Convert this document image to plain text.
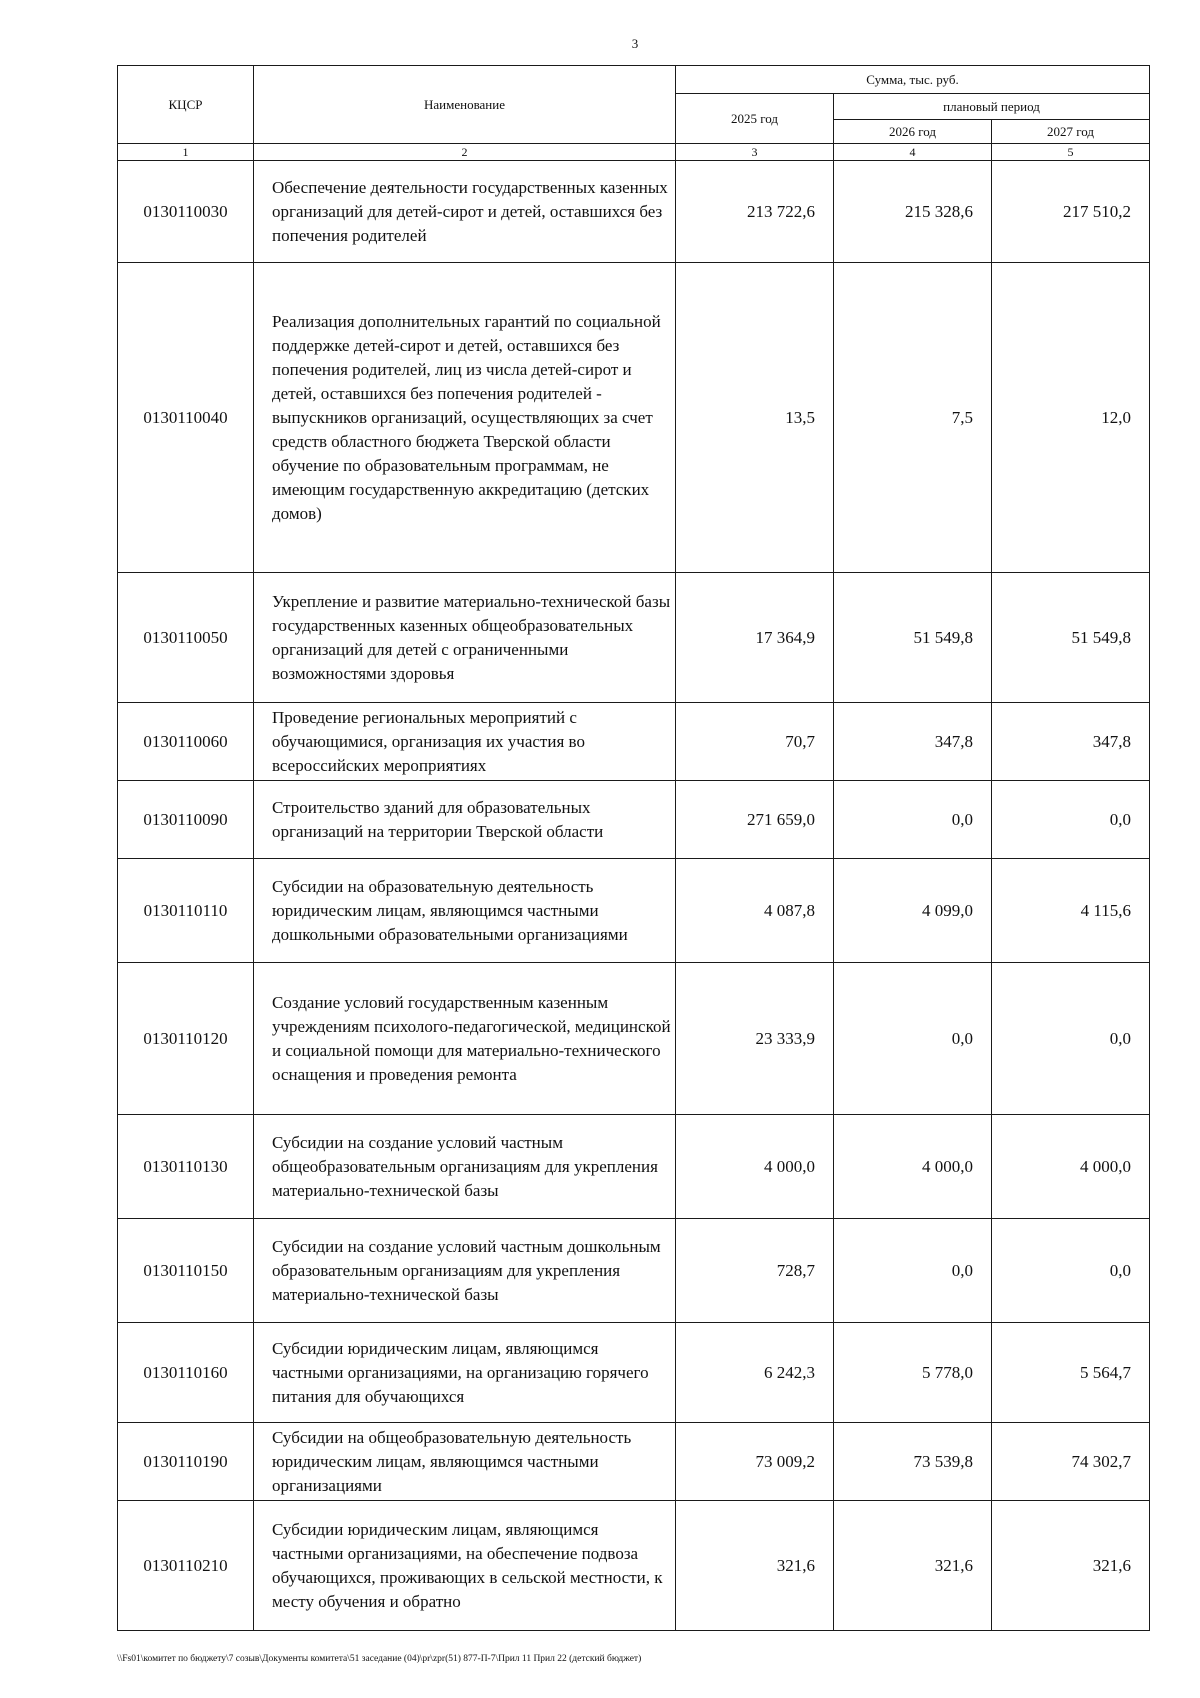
3
КЦСР	Наименование	Сумма, тыс. руб.		
		2025 год	плановый период	
			2026 год	2027 год
1	2	3	4	5
0130110030	Обеспечение деятельности государственных казенных организаций для детей-сирот и детей, оставшихся без попечения родителей	213 722,6	215 328,6	217 510,2
0130110040	Реализация дополнительных гарантий по социальной поддержке детей-сирот и детей, оставшихся без попечения родителей, лиц из числа детей-сирот и детей, оставшихся без попечения родителей - выпускников организаций, осуществляющих за счет средств областного бюджета Тверской области обучение по образовательным программам, не имеющим государственную аккредитацию (детских домов)	13,5	7,5	12,0
0130110050	Укрепление и развитие материально-технической базы государственных казенных общеобразовательных организаций для детей с ограниченными возможностями здоровья	17 364,9	51 549,8	51 549,8
0130110060	Проведение региональных мероприятий с обучающимися, организация их участия во всероссийских мероприятиях	70,7	347,8	347,8
0130110090	Строительство зданий для образовательных организаций на территории Тверской области	271 659,0	0,0	0,0
0130110110	Субсидии на образовательную деятельность юридическим лицам, являющимся частными дошкольными образовательными организациями	4 087,8	4 099,0	4 115,6
0130110120	Создание условий государственным казенным учреждениям психолого-педагогической, медицинской и социальной помощи для материально-технического оснащения и проведения ремонта	23 333,9	0,0	0,0
0130110130	Субсидии на создание условий частным общеобразовательным организациям для укрепления материально-технической базы	4 000,0	4 000,0	4 000,0
0130110150	Субсидии на создание условий частным дошкольным образовательным организациям для укрепления материально-технической базы	728,7	0,0	0,0
0130110160	Субсидии юридическим лицам, являющимся частными организациями, на организацию горячего питания для обучающихся	6 242,3	5 778,0	5 564,7
0130110190	Субсидии на общеобразовательную деятельность юридическим лицам, являющимся частными организациями	73 009,2	73 539,8	74 302,7
0130110210	Субсидии юридическим лицам, являющимся частными организациями, на обеспечение подвоза обучающихся, проживающих в сельской местности, к месту обучения и обратно	321,6	321,6	321,6
\\Fs01\комитет по бюджету\7 созыв\Документы комитета\51 заседание (04)\pr\zpr(51) 877-П-7\Прил 11 Прил 22 (детский бюджет)
